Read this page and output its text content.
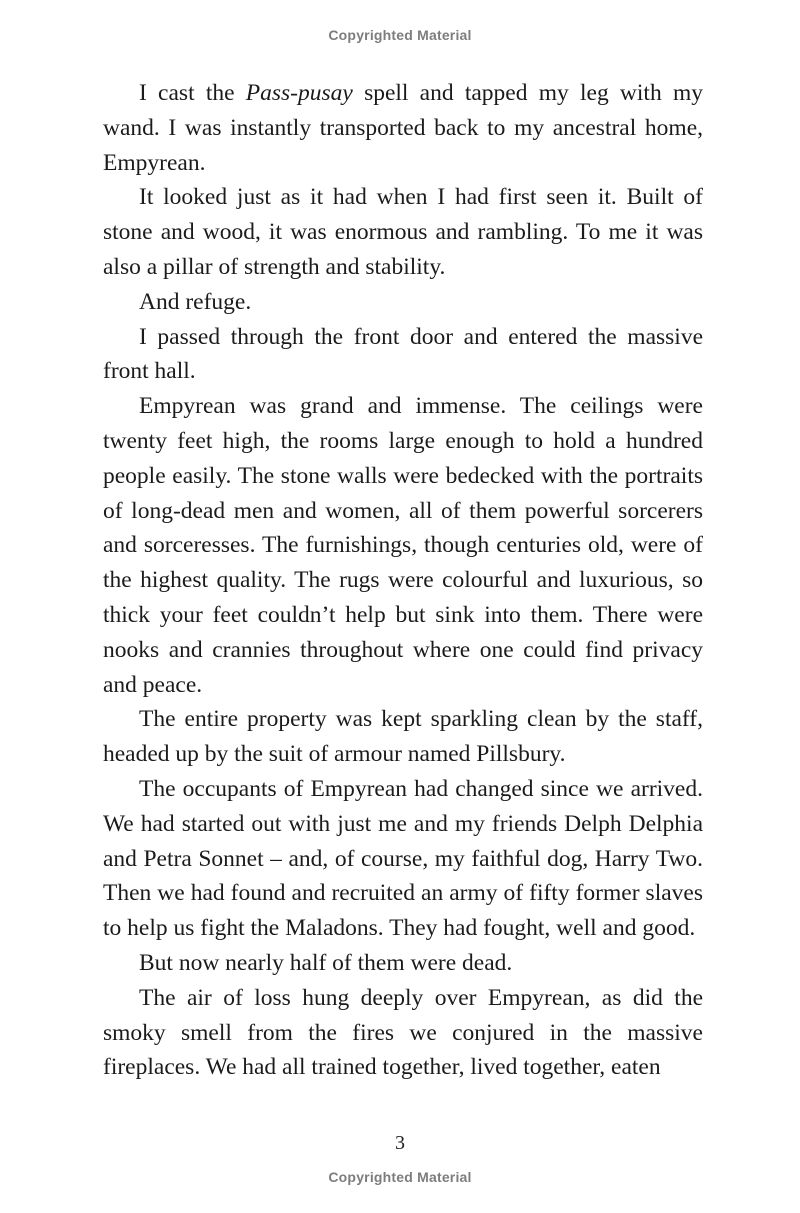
Copyrighted Material

I cast the Pass-pusay spell and tapped my leg with my wand. I was instantly transported back to my ancestral home, Empyrean.

It looked just as it had when I had first seen it. Built of stone and wood, it was enormous and rambling. To me it was also a pillar of strength and stability.

And refuge.

I passed through the front door and entered the massive front hall.

Empyrean was grand and immense. The ceilings were twenty feet high, the rooms large enough to hold a hundred people easily. The stone walls were bedecked with the portraits of long-dead men and women, all of them powerful sorcerers and sorceresses. The furnishings, though centuries old, were of the highest quality. The rugs were colourful and luxurious, so thick your feet couldn’t help but sink into them. There were nooks and crannies throughout where one could find privacy and peace.

The entire property was kept sparkling clean by the staff, headed up by the suit of armour named Pillsbury.

The occupants of Empyrean had changed since we arrived. We had started out with just me and my friends Delph Delphia and Petra Sonnet – and, of course, my faithful dog, Harry Two. Then we had found and recruited an army of fifty former slaves to help us fight the Maladons. They had fought, well and good.

But now nearly half of them were dead.

The air of loss hung deeply over Empyrean, as did the smoky smell from the fires we conjured in the massive fireplaces. We had all trained together, lived together, eaten

3
Copyrighted Material
